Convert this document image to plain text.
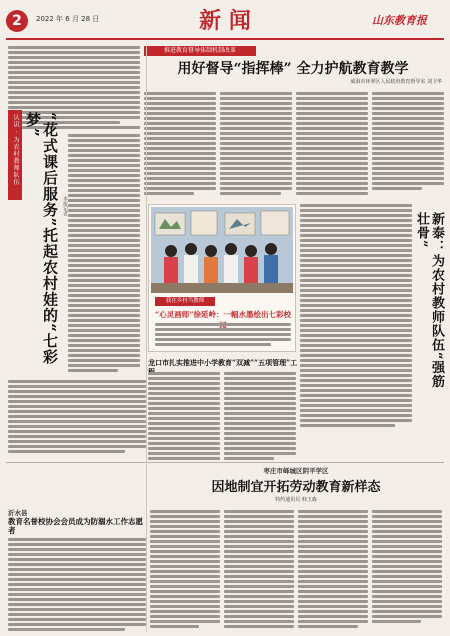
2	2022 年 6 月 28 日	新 闻	山东教育报
推进教育督导体制机制改革
用好督导“指挥棒” 全力护航教育教学
威海市环翠区人民政府教育督导室 刘卫华
认识 · 为农村教师队伍	“花式课后服务”托起农村娃的“七彩梦”
本报记者
我在乡村当教师
“心灵画师”徐延岭：一幅水墨绘出七彩校
龙口市扎实推进中小学教育“双减”“五项管理”工	新泰：为农村教师队伍“强筋壮骨”
枣庄市峄城区阴平学区
因地制宜开拓劳动教育新样态
特约通讯员 韩玉森
沂水县
教育名誉校协会会员成为防溺水工作志愿者
